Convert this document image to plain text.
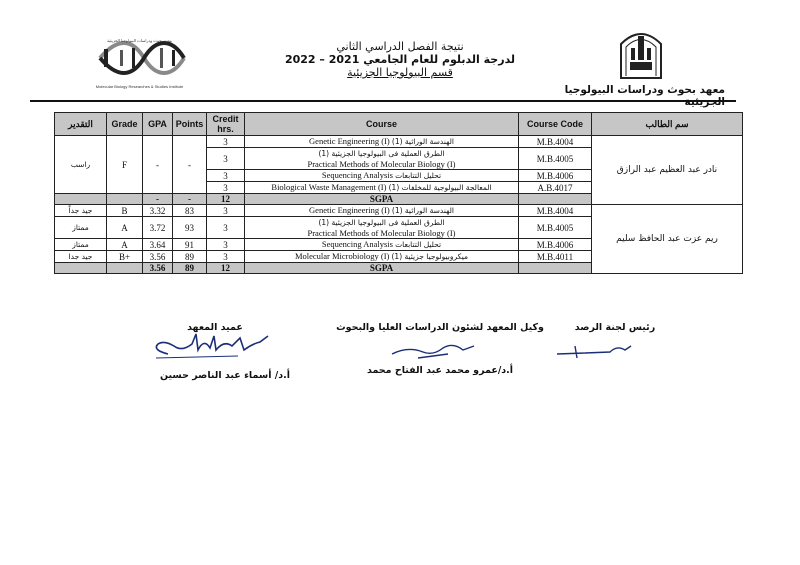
معهد بحوث ودراسات البيولوجيا الجزيئية
Molecular Biology Researches & Studies Institute
نتيجة الفصل الدراسي الثاني
لدرجة الدبلوم للعام الجامعي 2021 – 2022
قسم البيولوجيا الجزيئية
معهد بحوث ودراسات البيولوجيا الجزيئية
التقدير	Grade	GPA	Points	Credit hrs.	Course	Course Code	سم الطالب
راسب	F	-	-	3	Genetic Engineering (I) الهندسة الوراثية (1)	M.B.4004	نادر عبد العظيم عبد الرازق
				3	الطرق العملية فى البيولوجيا الجزيئية (1)
Practical Methods of Molecular Biology (I)	M.B.4005	
				3	Sequencing Analysis تحليل التتابعات	M.B.4006	
				3	Biological Waste Management (I) المعالجة البيولوجية للمخلفات (1)	A.B.4017	
		-	-	12	SGPA		
جيد جداً	B	3.32	83	3	Genetic Engineering (I) الهندسة الوراثية (1)	M.B.4004	ريم عزت عبد الحافظ سليم
ممتاز	A	3.72	93	3	الطرق العملية فى البيولوجيا الجزيئية (1)
Practical Methods of Molecular Biology (I)	M.B.4005	
ممتاز	A	3.64	91	3	Sequencing Analysis تحليل التتابعات	M.B.4006	
جيد جدا	B+	3.56	89	3	Molecular Microbiology (I) ميكروبيولوجيا جزيئية (1)	M.B.4011	
		3.56	89	12	SGPA		
رئيس لجنة الرصد
وكيل المعهد لشئون الدراسات العليا والبحوث
أ.د/عمرو محمد عبد الفتاح محمد
عميد المعهد
أ.د/ أسماء عبد الناصر حسين
